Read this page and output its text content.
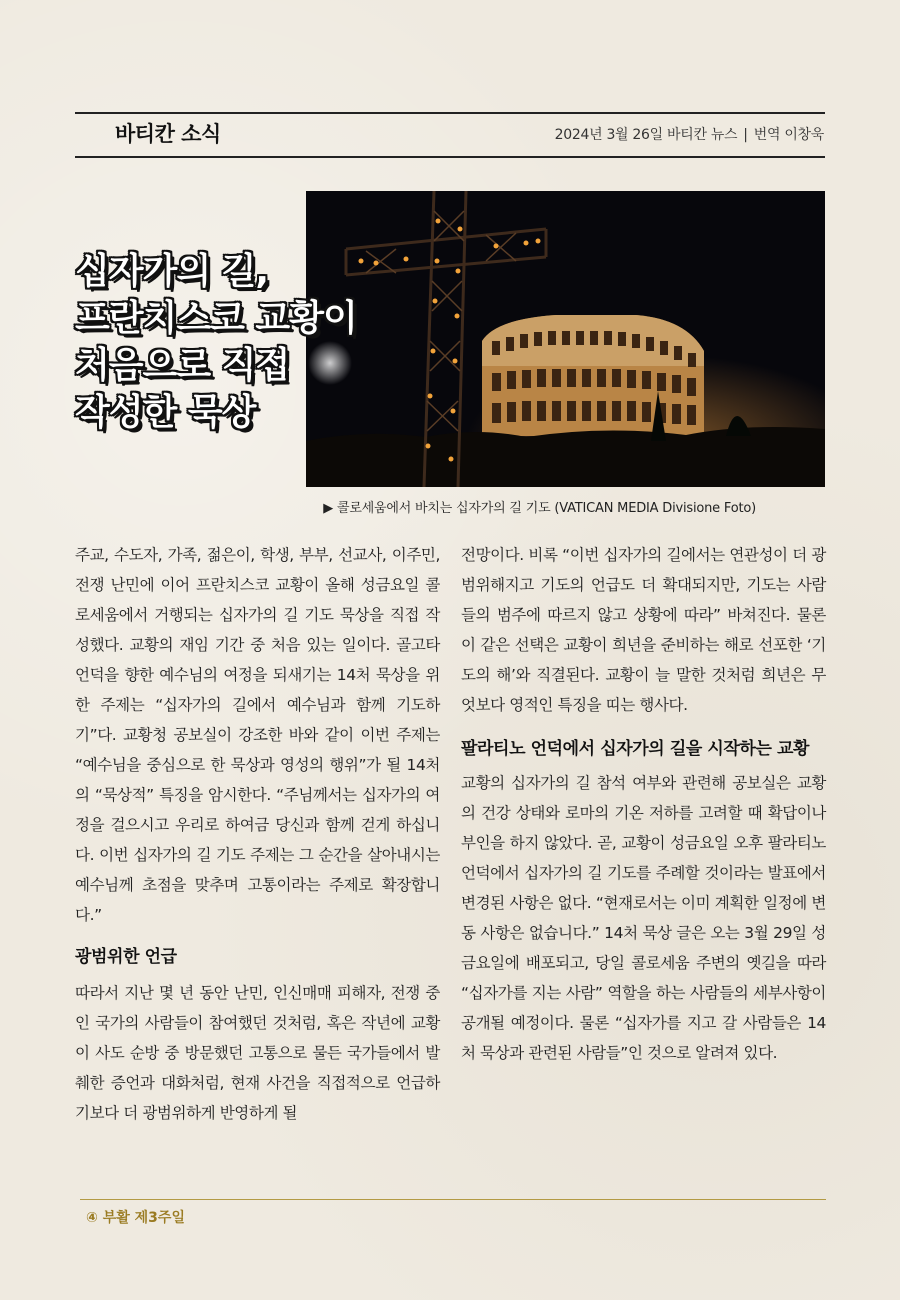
바티칸 소식	2024년 3월 26일 바티칸 뉴스 | 번역 이창욱
십자가의 길,
프란치스코 교황이
처음으로 직접
작성한 묵상
▶ 콜로세움에서 바치는 십자가의 길 기도 (VATICAN MEDIA Divisione Foto)

주교, 수도자, 가족, 젊은이, 학생, 부부, 선교사, 이주민, 전쟁 난민에 이어 프란치스코 교황이 올해 성금요일 콜로세움에서 거행되는 십자가의 길 기도 묵상을 직접 작성했다. 교황의 재임 기간 중 처음 있는 일이다. 골고타 언덕을 향한 예수님의 여정을 되새기는 14처 묵상을 위한 주제는 “십자가의 길에서 예수님과 함께 기도하기”다. 교황청 공보실이 강조한 바와 같이 이번 주제는 “예수님을 중심으로 한 묵상과 영성의 행위”가 될 14처의 “묵상적” 특징을 암시한다. “주님께서는 십자가의 여정을 걸으시고 우리로 하여금 당신과 함께 걷게 하십니다. 이번 십자가의 길 기도 주제는 그 순간을 살아내시는 예수님께 초점을 맞추며 고통이라는 주제로 확장합니다.”

광범위한 언급

따라서 지난 몇 년 동안 난민, 인신매매 피해자, 전쟁 중인 국가의 사람들이 참여했던 것처럼, 혹은 작년에 교황이 사도 순방 중 방문했던 고통으로 물든 국가들에서 발췌한 증언과 대화처럼, 현재 사건을 직접적으로 언급하기보다 더 광범위하게 반영하게 될

전망이다. 비록 “이번 십자가의 길에서는 연관성이 더 광범위해지고 기도의 언급도 더 확대되지만, 기도는 사람들의 범주에 따르지 않고 상황에 따라” 바쳐진다. 물론 이 같은 선택은 교황이 희년을 준비하는 해로 선포한 ‘기도의 해’와 직결된다. 교황이 늘 말한 것처럼 희년은 무엇보다 영적인 특징을 띠는 행사다.

팔라티노 언덕에서 십자가의 길을 시작하는 교황

교황의 십자가의 길 참석 여부와 관련해 공보실은 교황의 건강 상태와 로마의 기온 저하를 고려할 때 확답이나 부인을 하지 않았다. 곧, 교황이 성금요일 오후 팔라티노 언덕에서 십자가의 길 기도를 주례할 것이라는 발표에서 변경된 사항은 없다. “현재로서는 이미 계획한 일정에 변동 사항은 없습니다.” 14처 묵상 글은 오는 3월 29일 성금요일에 배포되고, 당일 콜로세움 주변의 옛길을 따라 “십자가를 지는 사람” 역할을 하는 사람들의 세부사항이 공개될 예정이다. 물론 “십자가를 지고 갈 사람들은 14처 묵상과 관련된 사람들”인 것으로 알려져 있다.

④ 부활 제3주일
